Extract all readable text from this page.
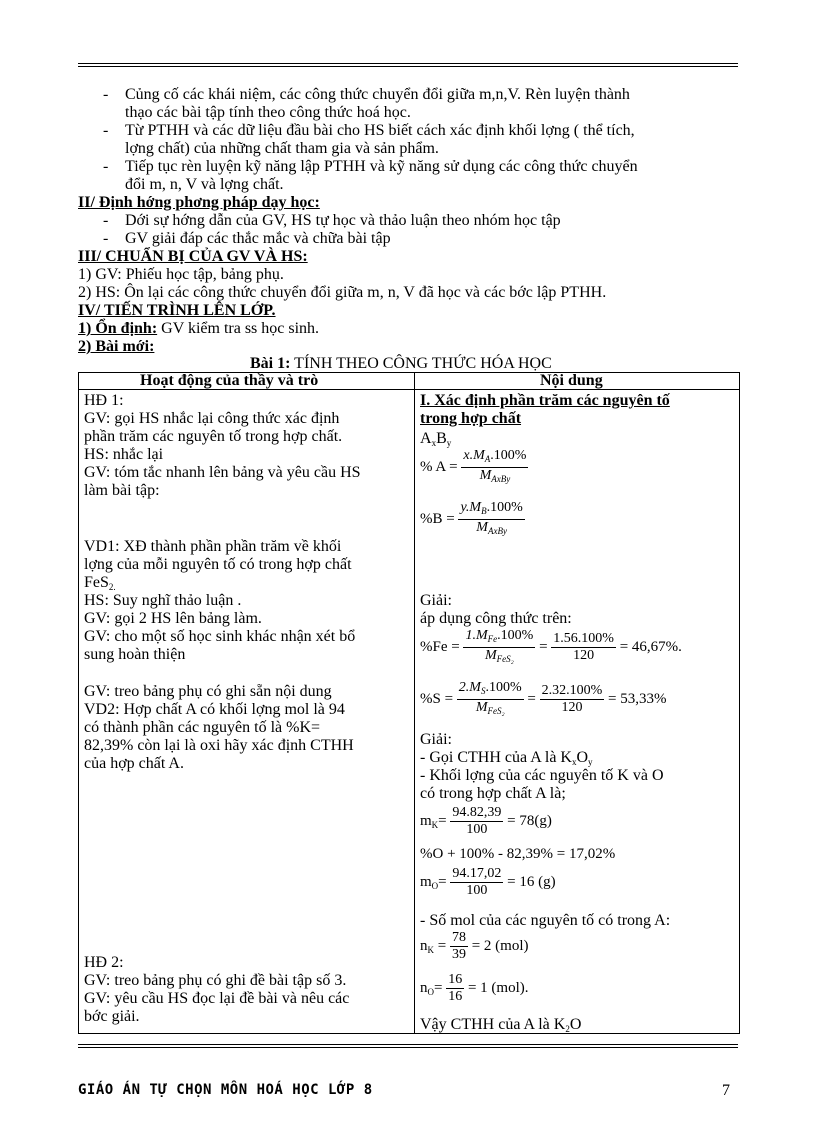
- Củng cố các khái niệm, các công thức chuyển đổi giữa m,n,V. Rèn luyện thành
thạo các bài tập tính theo công thức hoá học.
- Từ PTHH và các dữ liệu đầu bài cho HS biết cách xác định khối lợng ( thể tích,
lợng chất) của những chất tham gia và sản phẩm.
- Tiếp tục rèn luyện kỹ năng lập PTHH và kỹ năng sử dụng các công thức chuyển
đổi m, n, V và lợng chất.
II/ Định hớng phơng pháp dạy học:
- Dới sự hớng dẫn của GV, HS tự học và thảo luận theo nhóm học tập
- GV giải đáp các thắc mắc và chữa bài tập
III/ CHUẨN BỊ CỦA GV VÀ HS:
1) GV: Phiếu học tập, bảng phụ.
2) HS: Ôn lại các công thức chuyển đổi giữa m, n, V đã học và các bớc lập PTHH.
IV/ TIẾN TRÌNH LÊN LỚP.
1) Ổn định: GV kiểm tra ss học sinh.
2) Bài mới:
Bài 1: TÍNH THEO CÔNG THỨC HÓA HỌC
Hoạt động của thầy và trò	Nội dung
HĐ 1:
GV: gọi HS nhắc lại công thức xác định
phần trăm các nguyên tố trong hợp chất.
HS: nhắc lại
GV: tóm tắc nhanh lên bảng và yêu cầu HS
làm bài tập:
VD1: XĐ thành phần phần trăm về khối
lợng của mỗi nguyên tố có trong hợp chất
FeS$_{2.}$
HS: Suy nghĩ thảo luận .
GV: gọi 2 HS lên bảng làm.
GV: cho một số học sinh khác nhận xét bổ
sung hoàn thiện
GV: treo bảng phụ có ghi sẵn nội dung
VD2: Hợp chất A có khối lợng mol là 94
có thành phần các nguyên tố là %K=
82,39% còn lại là oxi hãy xác định CTHH
của hợp chất A.
HĐ 2:
GV: treo bảng phụ có ghi đề bài tập số 3.
GV: yêu cầu HS đọc lại đề bài và nêu các
bớc giải.
I. Xác định phần trăm các nguyên tố
trong hợp chất
$A_xB_y$
% $A = \frac{x.M_A.100\%}{M_{AxBy}}$
$\%B = \frac{y.M_B.100\%}{M_{AxBy}}$
Giải:
áp dụng công thức trên:
$\%Fe = \frac{1.M_{Fe}.100\%}{M_{FeS_2}} = \frac{1.56.100\%}{120} = 46,67\%$.
$\%S = \frac{2.M_S.100\%}{M_{FeS_2}} = \frac{2.32.100\%}{120} = 53,33\%$
Giải:
- Gọi CTHH của A là $K_xO_y$
- Khối lợng của các nguyên tố K và O
có trong hợp chất A là;
$m_K= \frac{94.82,39}{100} = 78(g)$
%O + 100% - 82,39% = 17,02%
$m_O= \frac{94.17,02}{100} = 16$ (g)
- Số mol của các nguyên tố có trong A:
$n_K = \frac{78}{39} = 2$ (mol)
$n_O= \frac{16}{16} = 1$ (mol).
Vậy CTHH của A là $K_2O$
GIÁO ÁN TỰ CHỌN MÔN HOÁ HỌC LỚP 8	7
